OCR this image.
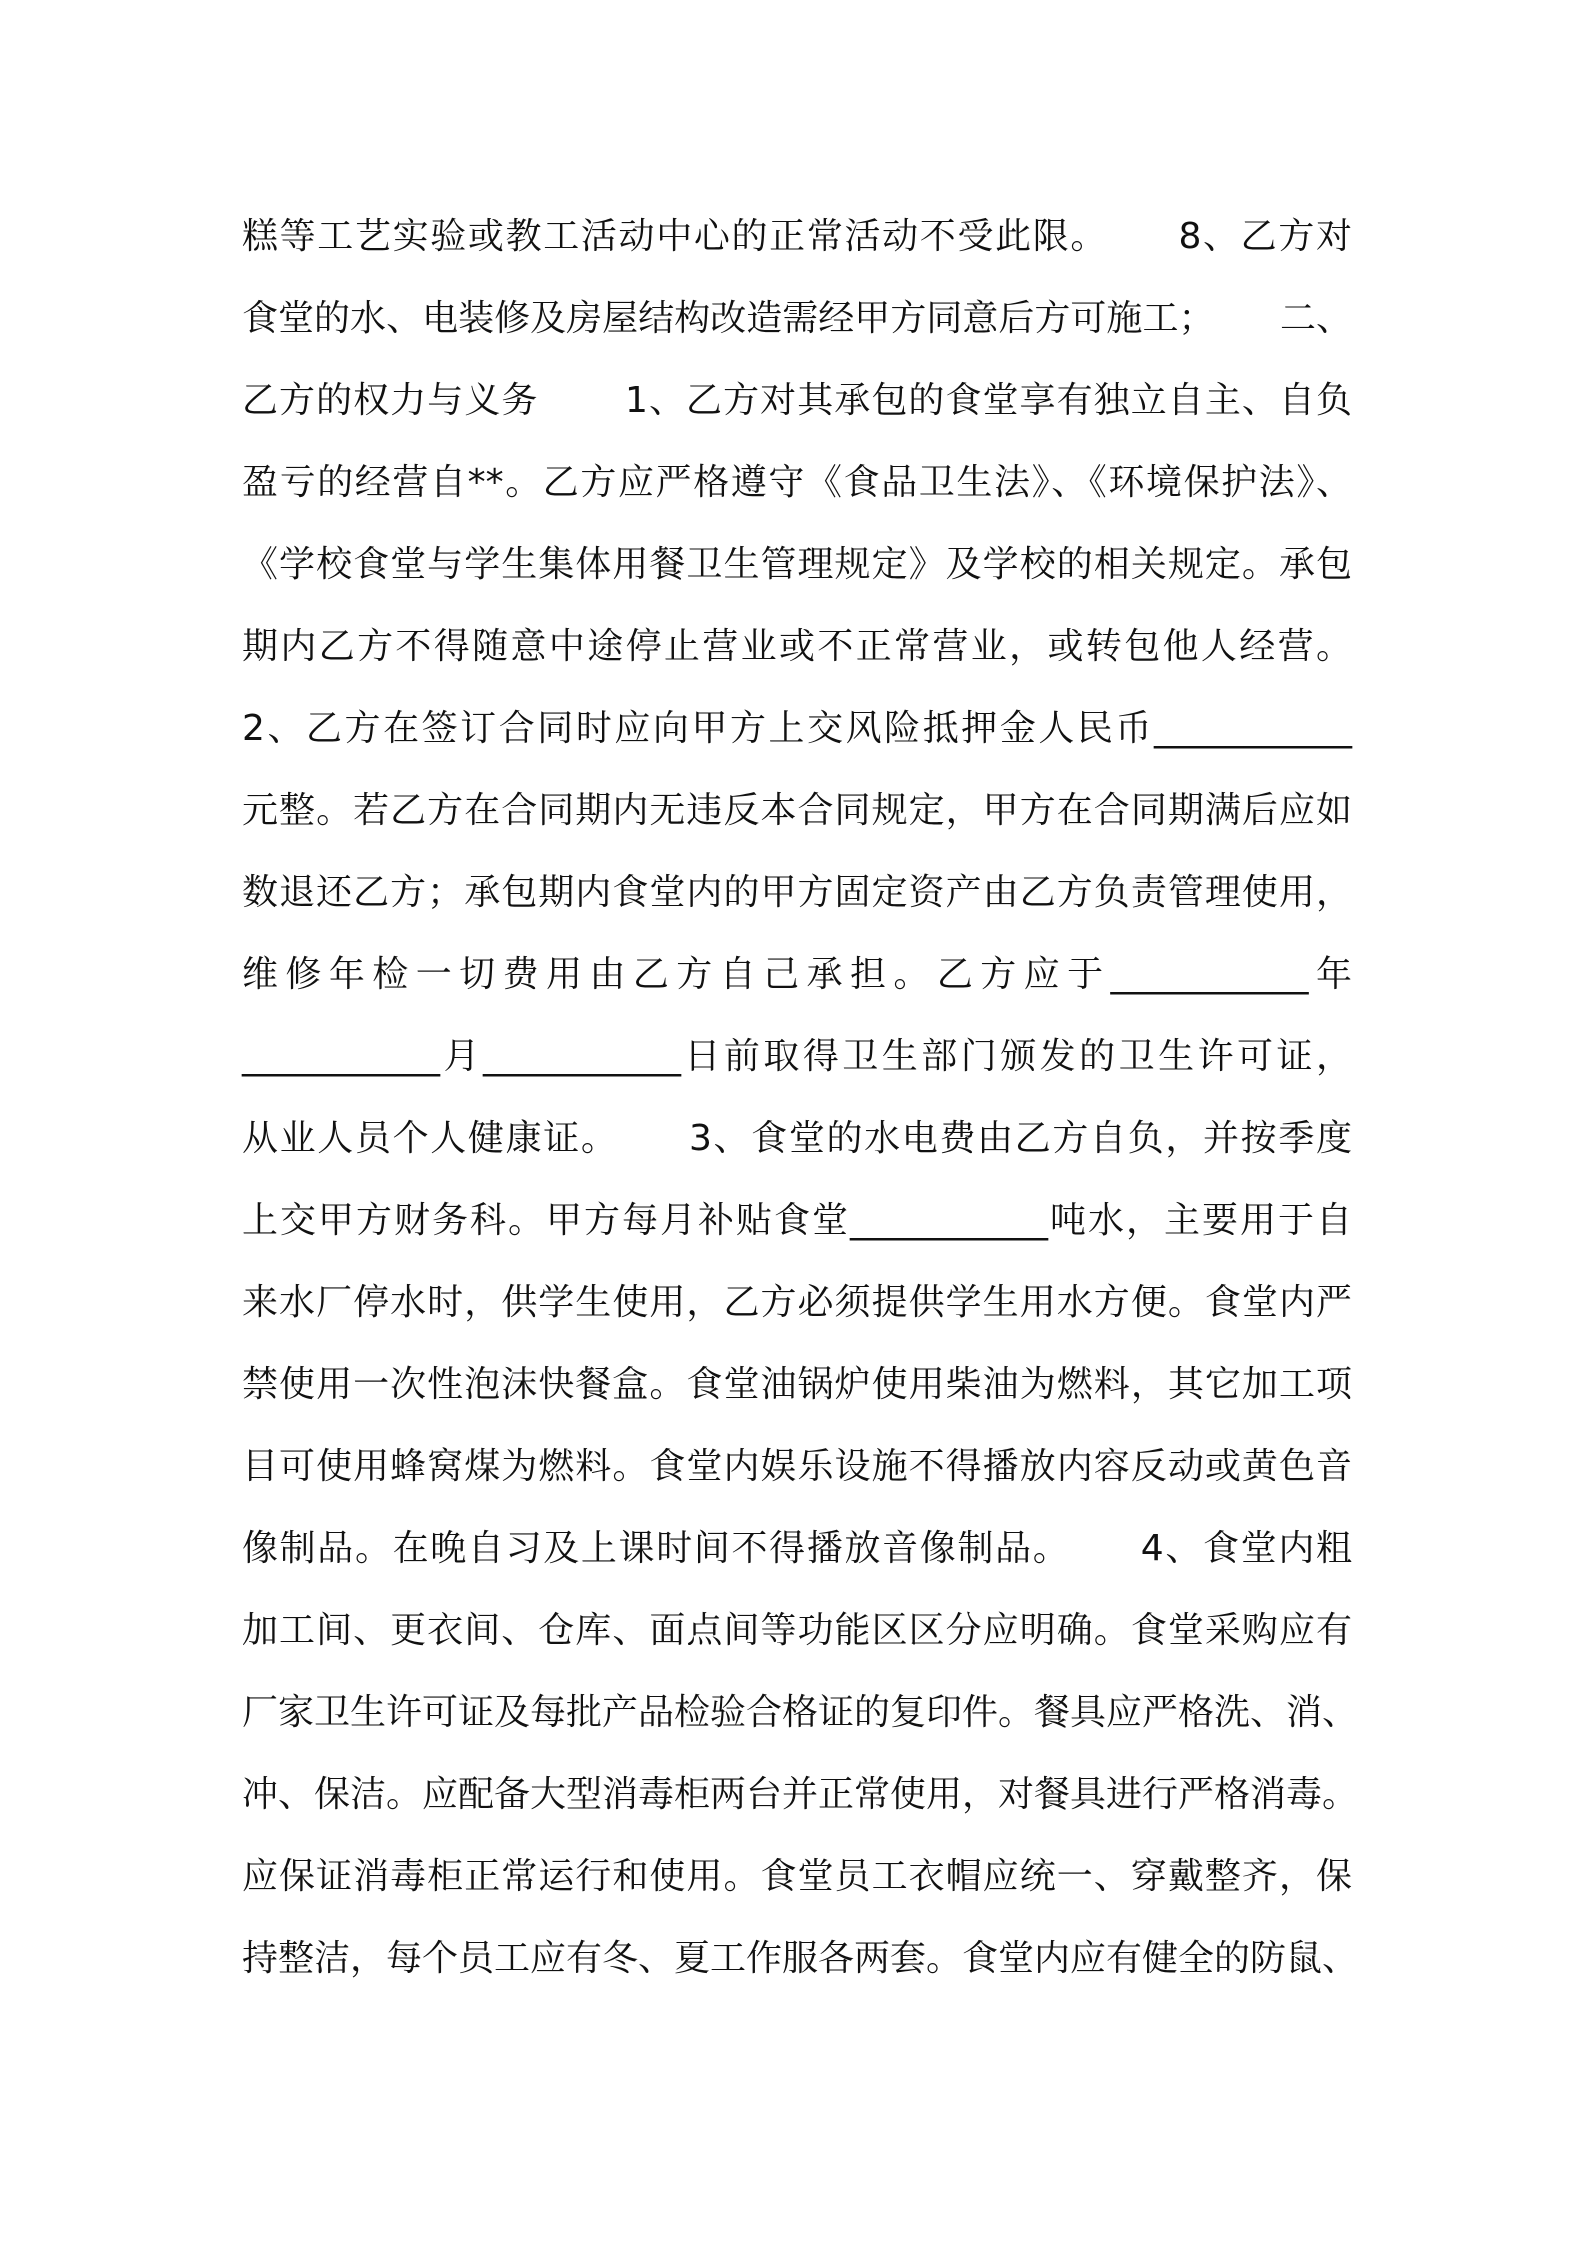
糕等工艺实验或教工活动中心的正常活动不受此限。　　 8、乙方对
食堂的水、电装修及房屋结构改造需经甲方同意后方可施工；　　 二、
乙方的权力与义务　　 1、乙方对其承包的食堂享有独立自主、自负
盈亏的经营自**。乙方应严格遵守《食品卫生法》、《环境保护法》、
《学校食堂与学生集体用餐卫生管理规定》及学校的相关规定。承包
期内乙方不得随意中途停止营业或不正常营业，或转包他人经营。
2、乙方在签订合同时应向甲方上交风险抵押金人民币___________
元整。若乙方在合同期内无违反本合同规定，甲方在合同期满后应如
数退还乙方；承包期内食堂内的甲方固定资产由乙方负责管理使用，
维修年检一切费用由乙方自己承担。乙方应于___________年
___________月___________日前取得卫生部门颁发的卫生许可证，
从业人员个人健康证。　　 3、食堂的水电费由乙方自负，并按季度
上交甲方财务科。甲方每月补贴食堂___________吨水，主要用于自
来水厂停水时，供学生使用，乙方必须提供学生用水方便。食堂内严
禁使用一次性泡沫快餐盒。食堂油锅炉使用柴油为燃料，其它加工项
目可使用蜂窝煤为燃料。食堂内娱乐设施不得播放内容反动或黄色音
像制品。在晚自习及上课时间不得播放音像制品。　　 4、食堂内粗
加工间、更衣间、仓库、面点间等功能区区分应明确。食堂采购应有
厂家卫生许可证及每批产品检验合格证的复印件。餐具应严格洗、消、
冲、保洁。应配备大型消毒柜两台并正常使用，对餐具进行严格消毒。
应保证消毒柜正常运行和使用。食堂员工衣帽应统一、穿戴整齐，保
持整洁，每个员工应有冬、夏工作服各两套。食堂内应有健全的防鼠、
